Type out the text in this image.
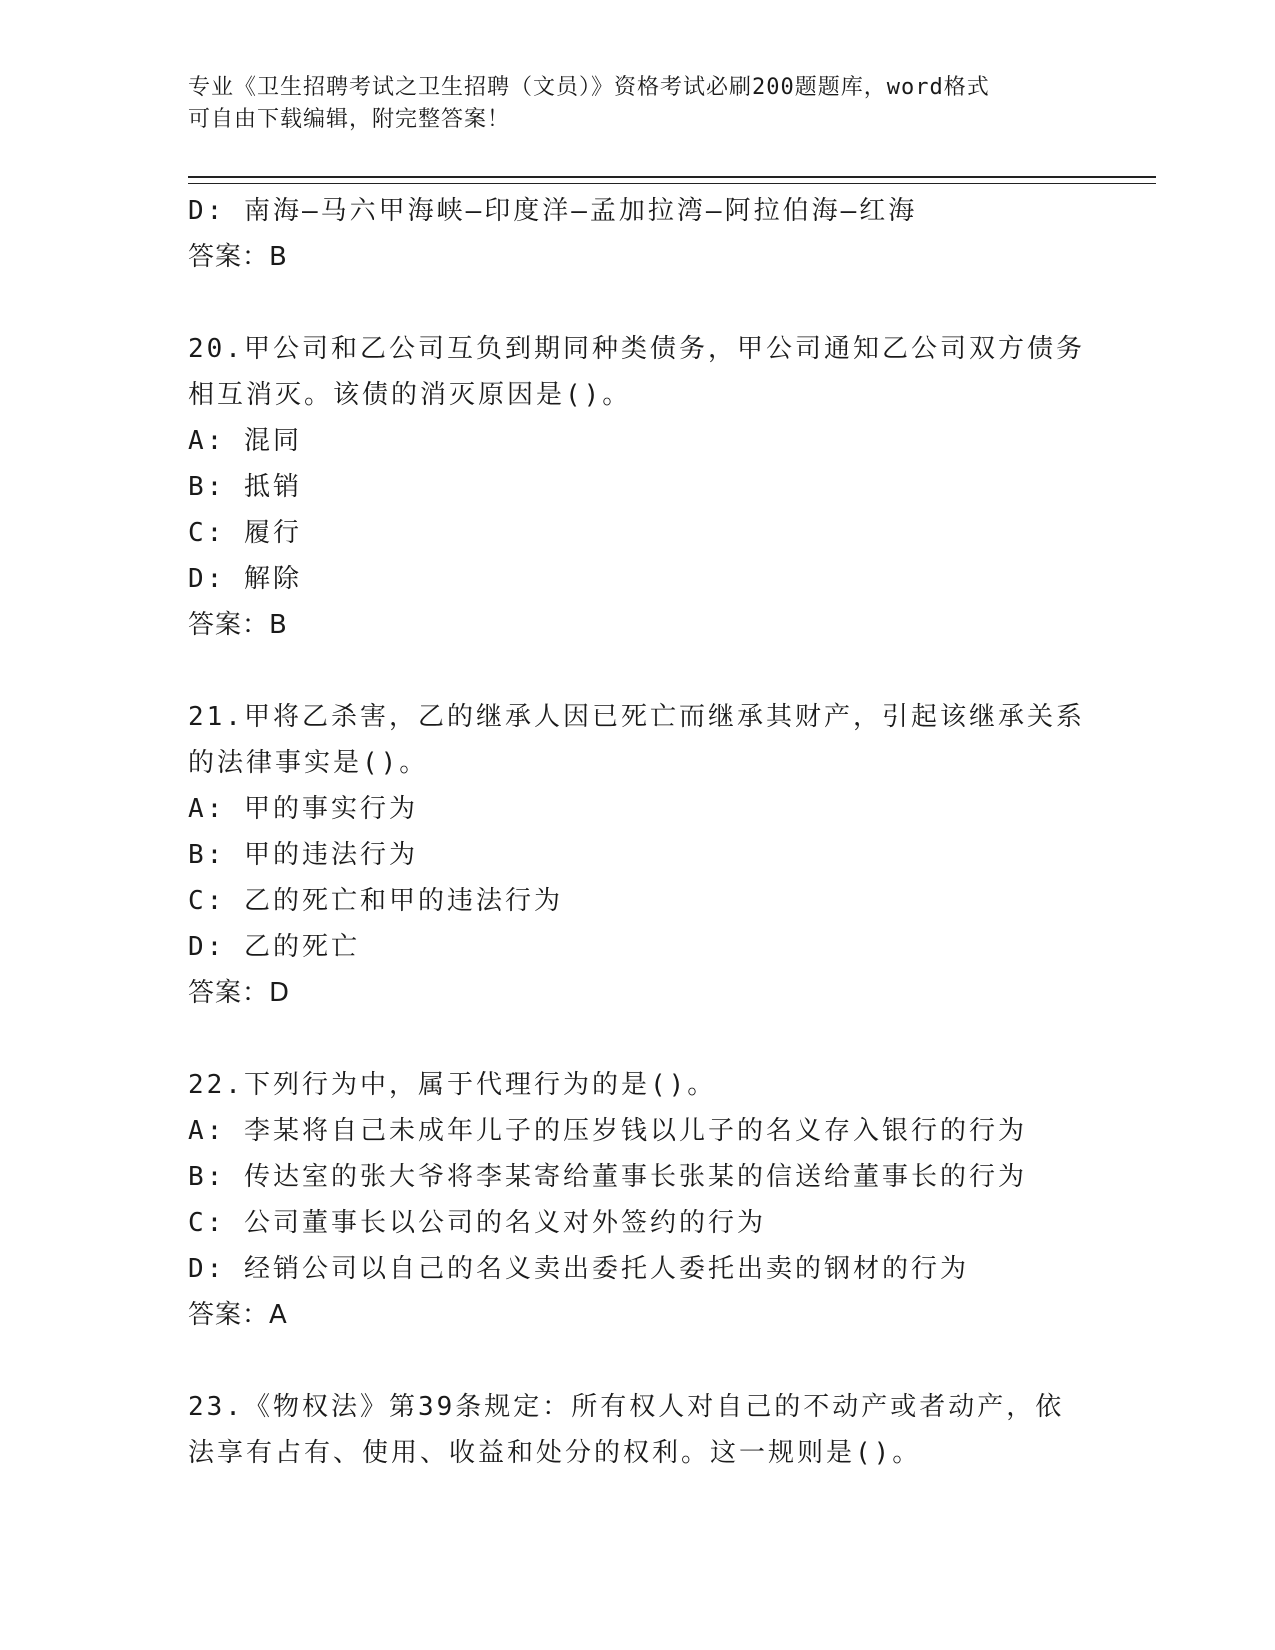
专业《卫生招聘考试之卫生招聘（文员）》资格考试必刷200题题库，word格式
可自由下载编辑，附完整答案！
D: 南海—马六甲海峡—印度洋—孟加拉湾—阿拉伯海—红海
答案：B
20.甲公司和乙公司互负到期同种类债务，甲公司通知乙公司双方债务
相互消灭。该债的消灭原因是()。
A: 混同
B: 抵销
C: 履行
D: 解除
答案：B
21.甲将乙杀害，乙的继承人因已死亡而继承其财产，引起该继承关系
的法律事实是()。
A: 甲的事实行为
B: 甲的违法行为
C: 乙的死亡和甲的违法行为
D: 乙的死亡
答案：D
22.下列行为中，属于代理行为的是()。
A: 李某将自己未成年儿子的压岁钱以儿子的名义存入银行的行为
B: 传达室的张大爷将李某寄给董事长张某的信送给董事长的行为
C: 公司董事长以公司的名义对外签约的行为
D: 经销公司以自己的名义卖出委托人委托出卖的钢材的行为
答案：A
23.《物权法》第39条规定：所有权人对自己的不动产或者动产，依
法享有占有、使用、收益和处分的权利。这一规则是()。
